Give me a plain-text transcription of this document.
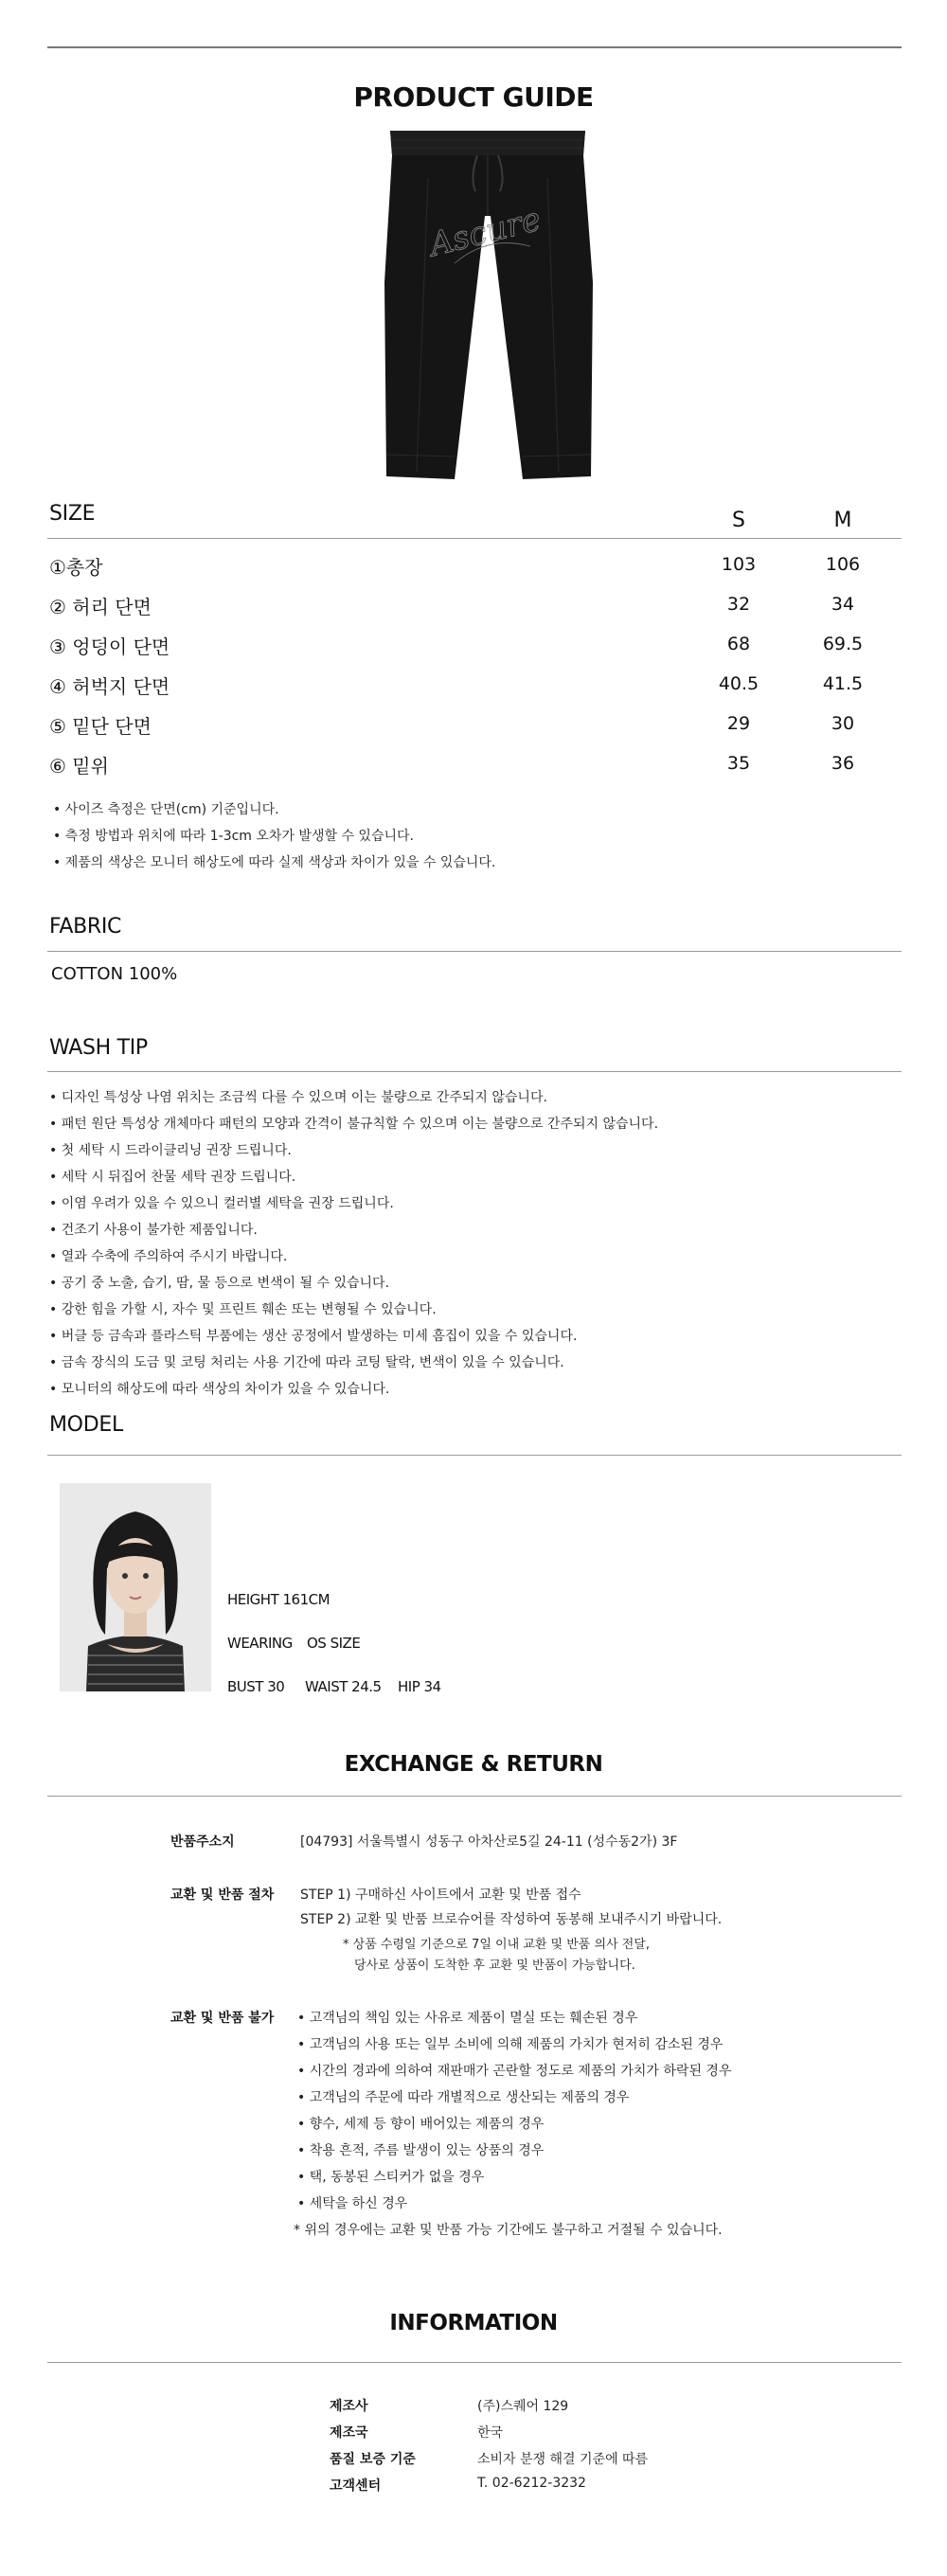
PRODUCT GUIDE
Ascure
SIZE	S	M
①총장	103	106
② 허리 단면	32	34
③ 엉덩이 단면	68	69.5
④ 허벅지 단면	40.5	41.5
⑤ 밑단 단면	29	30
⑥ 밑위	35	36
• 사이즈 측정은 단면(cm) 기준입니다.
• 측정 방법과 위치에 따라 1-3cm 오차가 발생할 수 있습니다.
• 제품의 색상은 모니터 해상도에 따라 실제 색상과 차이가 있을 수 있습니다.
FABRIC
COTTON 100%
WASH TIP
• 디자인 특성상 나염 위치는 조금씩 다를 수 있으며 이는 불량으로 간주되지 않습니다.
• 패턴 원단 특성상 개체마다 패턴의 모양과 간격이 불규칙할 수 있으며 이는 불량으로 간주되지 않습니다.
• 첫 세탁 시 드라이클리닝 권장 드립니다.
• 세탁 시 뒤집어 찬물 세탁 권장 드립니다.
• 이염 우려가 있을 수 있으니 컬러별 세탁을 권장 드립니다.
• 건조기 사용이 불가한 제품입니다.
• 열과 수축에 주의하여 주시기 바랍니다.
• 공기 중 노출, 습기, 땀, 물 등으로 변색이 될 수 있습니다.
• 강한 힘을 가할 시, 자수 및 프린트 훼손 또는 변형될 수 있습니다.
• 버클 등 금속과 플라스틱 부품에는 생산 공정에서 발생하는 미세 흠집이 있을 수 있습니다.
• 금속 장식의 도금 및 코팅 처리는 사용 기간에 따라 코팅 탈락, 변색이 있을 수 있습니다.
• 모니터의 해상도에 따라 색상의 차이가 있을 수 있습니다.
MODEL
HEIGHT 161CM
WEARING OS SIZE
BUST 30 WAIST 24.5 HIP 34
EXCHANGE & RETURN
반품주소지	[04793] 서울특별시 성동구 아차산로5길 24-11 (성수동2가) 3F
교환 및 반품 절차 STEP 1) 구매하신 사이트에서 교환 및 반품 접수
STEP 2) 교환 및 반품 브로슈어를 작성하여 동봉해 보내주시기 바랍니다.
* 상품 수령일 기준으로 7일 이내 교환 및 반품 의사 전달,
당사로 상품이 도착한 후 교환 및 반품이 가능합니다.
교환 및 반품 불가 • 고객님의 책임 있는 사유로 제품이 멸실 또는 훼손된 경우
• 고객님의 사용 또는 일부 소비에 의해 제품의 가치가 현저히 감소된 경우
• 시간의 경과에 의하여 재판매가 곤란할 정도로 제품의 가치가 하락된 경우
• 고객님의 주문에 따라 개별적으로 생산되는 제품의 경우
• 향수, 세제 등 향이 배어있는 제품의 경우
• 착용 흔적, 주름 발생이 있는 상품의 경우
• 택, 동봉된 스티커가 없을 경우
• 세탁을 하신 경우
* 위의 경우에는 교환 및 반품 가능 기간에도 불구하고 거절될 수 있습니다.
INFORMATION
제조사	(주)스퀘어 129
제조국	한국
품질 보증 기준	소비자 분쟁 해결 기준에 따름
고객센터	T. 02-6212-3232
